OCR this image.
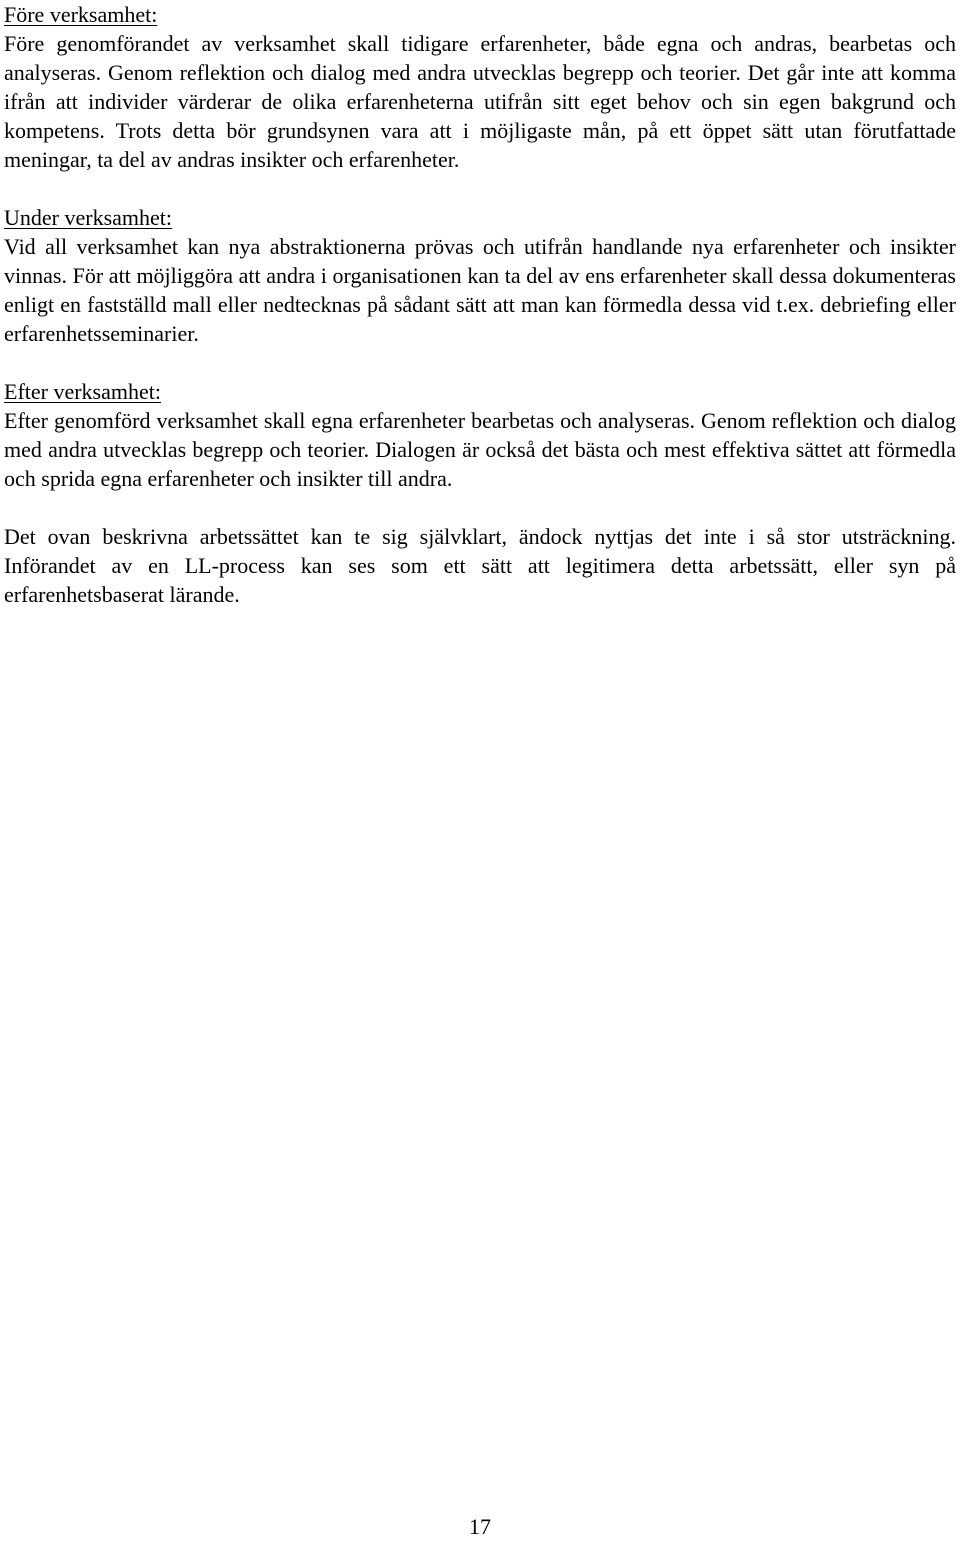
Före verksamhet:

Före genomförandet av verksamhet skall tidigare erfarenheter, både egna och andras, bearbetas och analyseras. Genom reflektion och dialog med andra utvecklas begrepp och teorier. Det går inte att komma ifrån att individer värderar de olika erfarenheterna utifrån sitt eget behov och sin egen bakgrund och kompetens. Trots detta bör grundsynen vara att i möjligaste mån, på ett öppet sätt utan förutfattade meningar, ta del av andras insikter och erfarenheter.

Under verksamhet:

Vid all verksamhet kan nya abstraktionerna prövas och utifrån handlande nya erfarenheter och insikter vinnas. För att möjliggöra att andra i organisationen kan ta del av ens erfarenheter skall dessa dokumenteras enligt en fastställd mall eller nedtecknas på sådant sätt att man kan förmedla dessa vid t.ex. debriefing eller erfarenhetsseminarier.

Efter verksamhet:

Efter genomförd verksamhet skall egna erfarenheter bearbetas och analyseras. Genom reflektion och dialog med andra utvecklas begrepp och teorier. Dialogen är också det bästa och mest effektiva sättet att förmedla och sprida egna erfarenheter och insikter till andra.

Det ovan beskrivna arbetssättet kan te sig självklart, ändock nyttjas det inte i så stor utsträckning. Införandet av en LL-process kan ses som ett sätt att legitimera detta arbetssätt, eller syn på erfarenhetsbaserat lärande.

17
